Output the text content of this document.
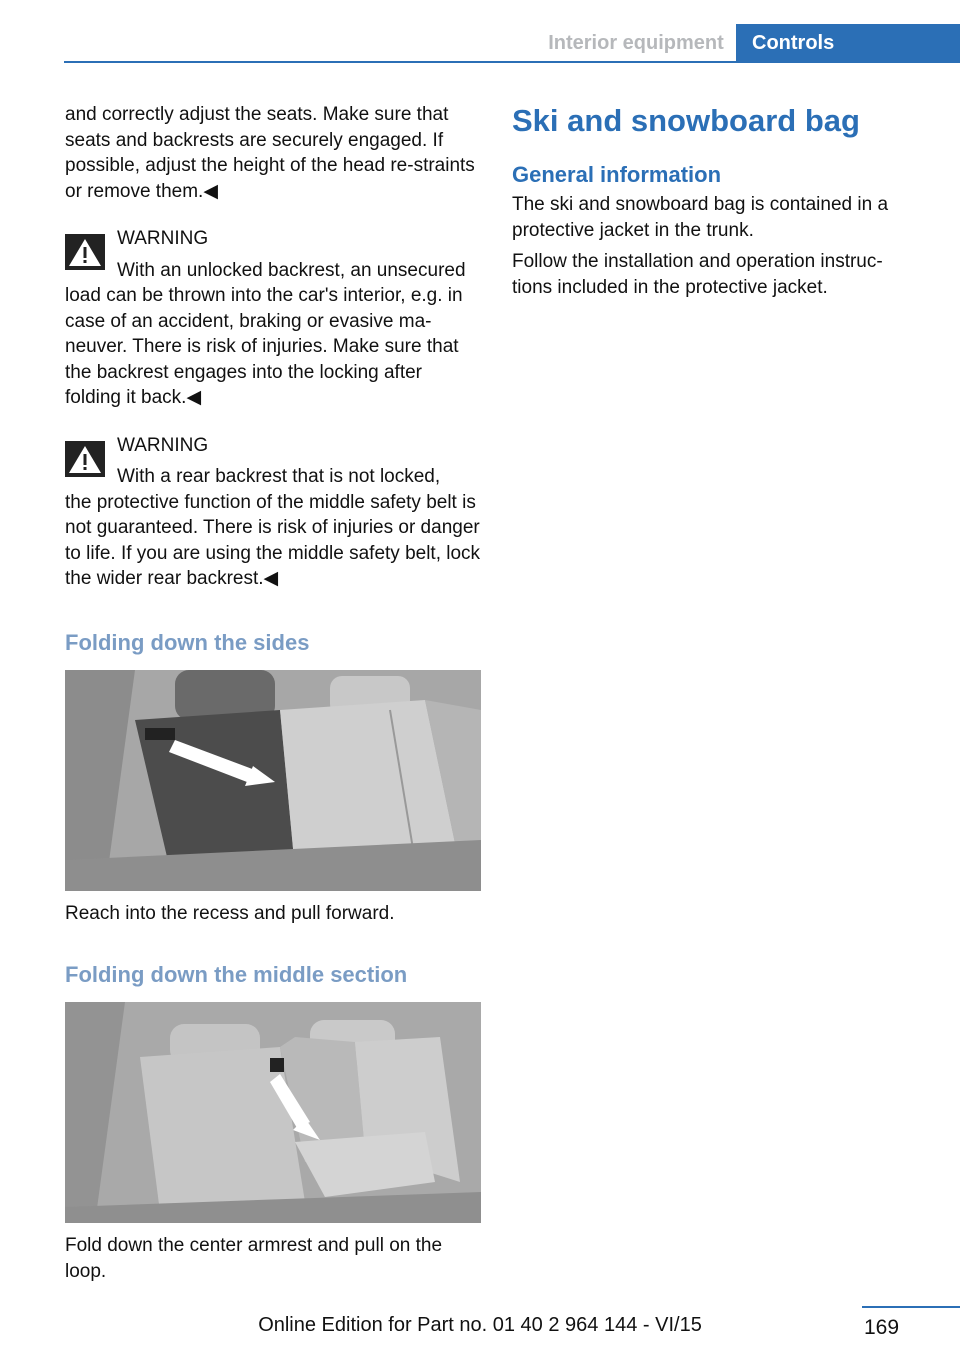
Interior equipment	Controls

and correctly adjust the seats. Make sure that seats and backrests are securely engaged. If possible, adjust the height of the head re-straints or remove them.◀

WARNING

With an unlocked backrest, an unsecured

load can be thrown into the car's interior, e.g. in case of an accident, braking or evasive ma-neuver. There is risk of injuries. Make sure that the backrest engages into the locking after folding it back.◀

WARNING

With a rear backrest that is not locked,

the protective function of the middle safety belt is not guaranteed. There is risk of injuries or danger to life. If you are using the middle safety belt, lock the wider rear backrest.◀

Folding down the sides

Reach into the recess and pull forward.

Folding down the middle section

Fold down the center armrest and pull on the loop.

Ski and snowboard bag
General information

The ski and snowboard bag is contained in a protective jacket in the trunk.

Follow the installation and operation instruc-tions included in the protective jacket.

169
Online Edition for Part no. 01 40 2 964 144 - VI/15
